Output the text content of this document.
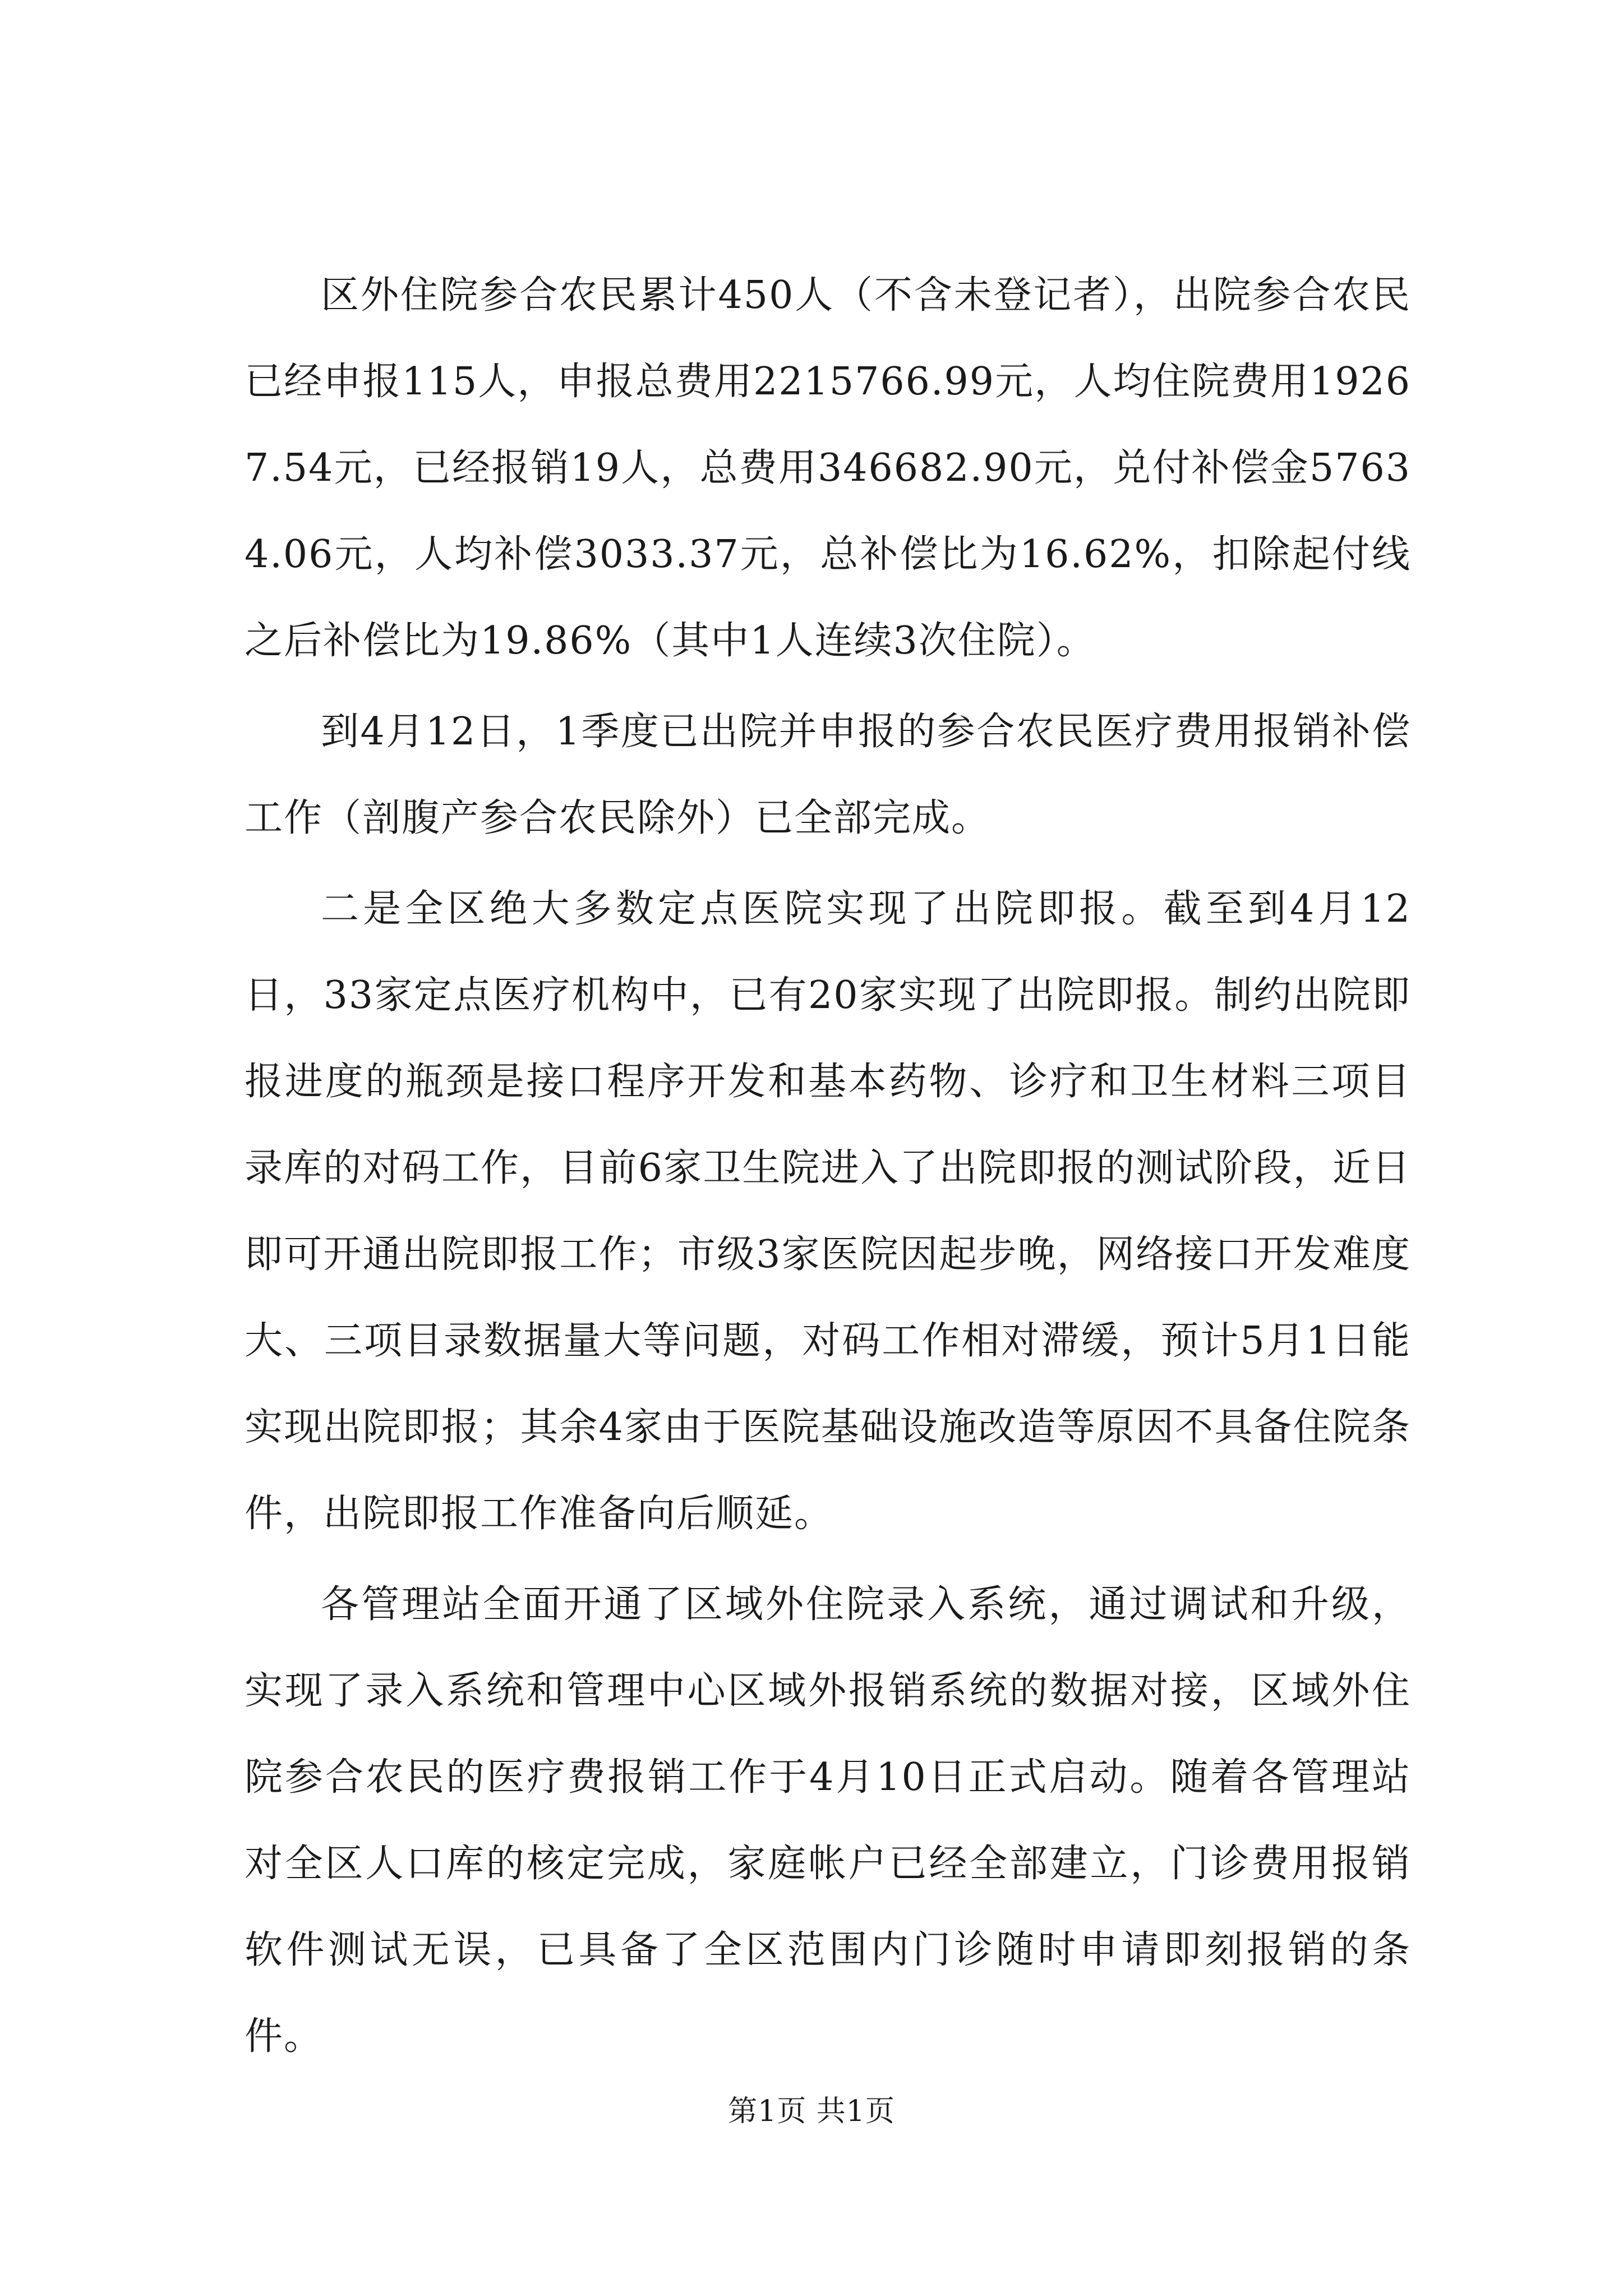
区外住院参合农民累计450人（不含未登记者），出院参合农民已经申报115人，申报总费用2215766.99元，人均住院费用19267.54元，已经报销19人，总费用346682.90元，兑付补偿金57634.06元，人均补偿3033.37元，总补偿比为16.62%，扣除起付线之后补偿比为19.86%（其中1人连续3次住院）。

到4月12日，1季度已出院并申报的参合农民医疗费用报销补偿工作（剖腹产参合农民除外）已全部完成。

二是全区绝大多数定点医院实现了出院即报。截至到4月12日，33家定点医疗机构中，已有20家实现了出院即报。制约出院即报进度的瓶颈是接口程序开发和基本药物、诊疗和卫生材料三项目录库的对码工作，目前6家卫生院进入了出院即报的测试阶段，近日即可开通出院即报工作；市级3家医院因起步晚，网络接口开发难度大、三项目录数据量大等问题，对码工作相对滞缓，预计5月1日能实现出院即报；其余4家由于医院基础设施改造等原因不具备住院条件，出院即报工作准备向后顺延。

各管理站全面开通了区域外住院录入系统，通过调试和升级，实现了录入系统和管理中心区域外报销系统的数据对接，区域外住院参合农民的医疗费报销工作于4月10日正式启动。随着各管理站对全区人口库的核定完成，家庭帐户已经全部建立，门诊费用报销软件测试无误，已具备了全区范围内门诊随时申请即刻报销的条件。

第1页 共1页
